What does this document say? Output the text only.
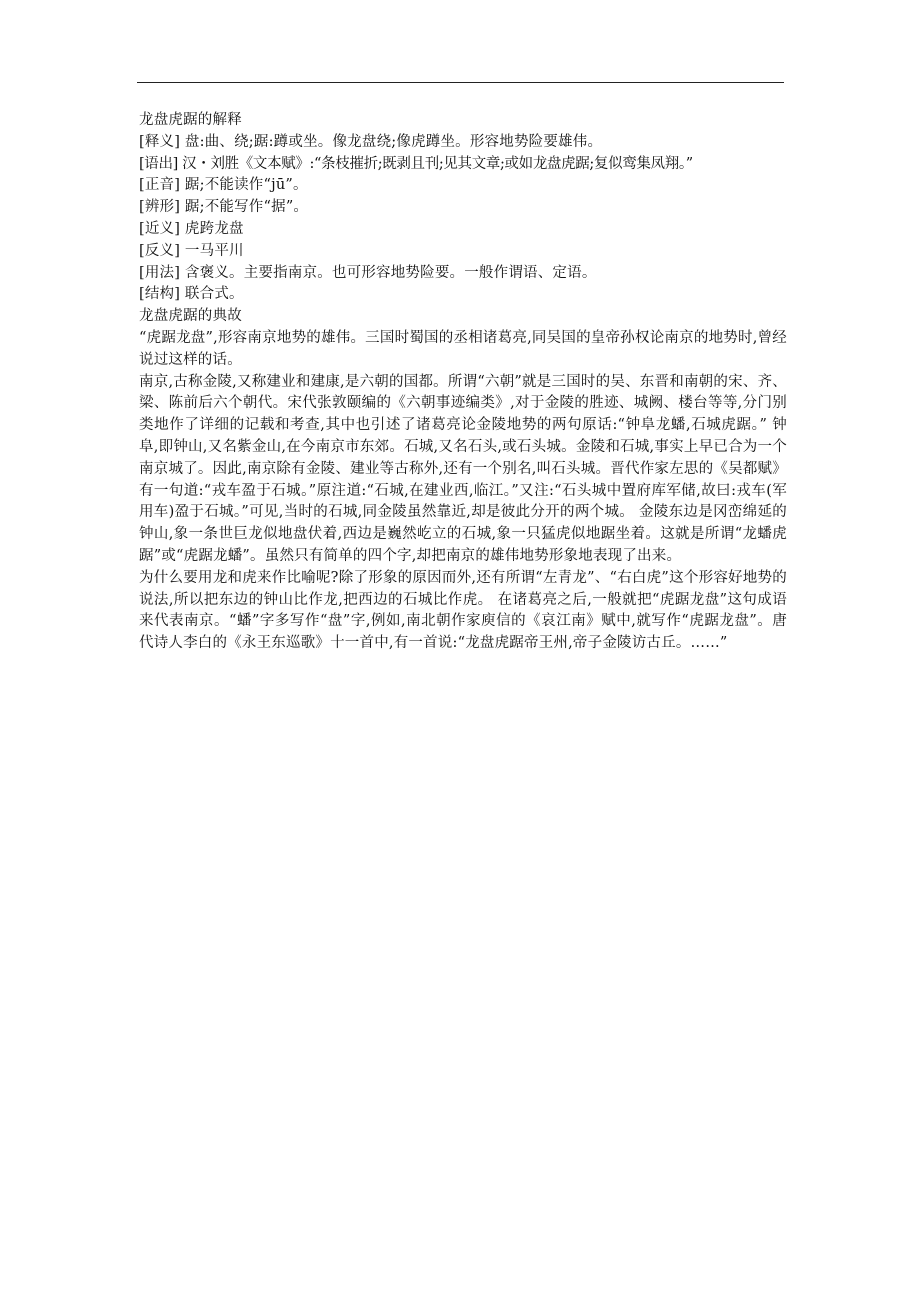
龙盘虎踞的解释
[释义] 盘:曲、绕;踞:蹲或坐。像龙盘绕;像虎蹲坐。形容地势险要雄伟。
[语出] 汉・刘胜《文本赋》:“条枝摧折;既剥且刊;见其文章;或如龙盘虎踞;复似鸾集凤翔。”
[正音] 踞;不能读作“jū”。
[辨形] 踞;不能写作“据”。
[近义] 虎跨龙盘
[反义] 一马平川
[用法] 含褒义。主要指南京。也可形容地势险要。一般作谓语、定语。
[结构] 联合式。
龙盘虎踞的典故
“虎踞龙盘”,形容南京地势的雄伟。三国时蜀国的丞相诸葛亮,同吴国的皇帝孙权论南京的地势时,曾经说过这样的话。
南京,古称金陵,又称建业和建康,是六朝的国都。所谓“六朝”就是三国时的吴、东晋和南朝的宋、齐、梁、陈前后六个朝代。宋代张敦颐编的《六朝事迹编类》,对于金陵的胜迹、城阙、楼台等等,分门别类地作了详细的记载和考查,其中也引述了诸葛亮论金陵地势的两句原话:“钟阜龙蟠,石城虎踞。” 钟阜,即钟山,又名紫金山,在今南京市东郊。石城,又名石头,或石头城。金陵和石城,事实上早已合为一个南京城了。因此,南京除有金陵、建业等古称外,还有一个别名,叫石头城。晋代作家左思的《吴都赋》有一句道:“戎车盈于石城。”原注道:“石城,在建业西,临江。”又注:“石头城中置府库军储,故曰:戎车(军用车)盈于石城。”可见,当时的石城,同金陵虽然靠近,却是彼此分开的两个城。 金陵东边是冈峦绵延的钟山,象一条世巨龙似地盘伏着,西边是巍然屹立的石城,象一只猛虎似地踞坐着。这就是所谓“龙蟠虎踞”或“虎踞龙蟠”。虽然只有简单的四个字,却把南京的雄伟地势形象地表现了出来。
为什么要用龙和虎来作比喻呢?除了形象的原因而外,还有所谓“左青龙”、“右白虎”这个形容好地势的说法,所以把东边的钟山比作龙,把西边的石城比作虎。 在诸葛亮之后,一般就把“虎踞龙盘”这句成语来代表南京。“蟠”字多写作“盘”字,例如,南北朝作家庾信的《哀江南》赋中,就写作“虎踞龙盘”。唐代诗人李白的《永王东巡歌》十一首中,有一首说:“龙盘虎踞帝王州,帝子金陵访古丘。……”
